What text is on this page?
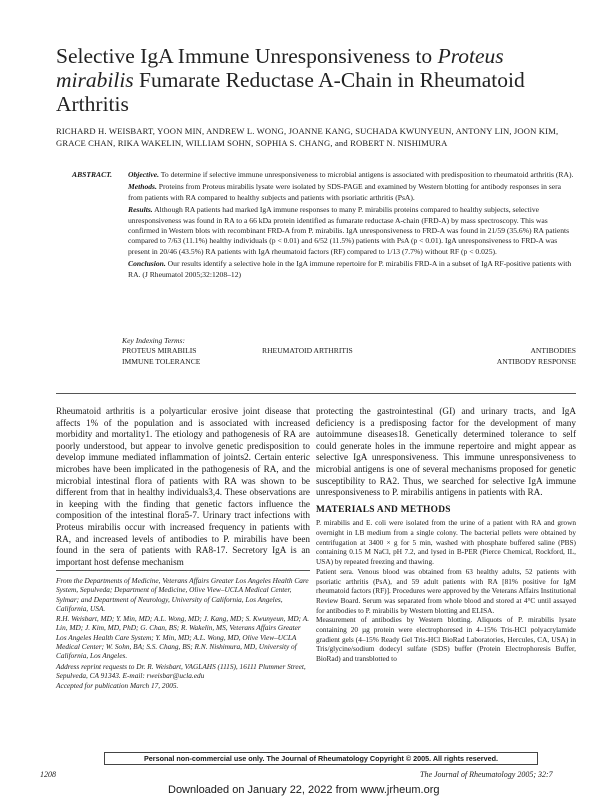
Selective IgA Immune Unresponsiveness to Proteus mirabilis Fumarate Reductase A-Chain in Rheumatoid Arthritis
RICHARD H. WEISBART, YOON MIN, ANDREW L. WONG, JOANNE KANG, SUCHADA KWUNYEUN, ANTONY LIN, JOON KIM, GRACE CHAN, RIKA WAKELIN, WILLIAM SOHN, SOPHIA S. CHANG, and ROBERT N. NISHIMURA
ABSTRACT. Objective. To determine if selective immune unresponsiveness to microbial antigens is associated with predisposition to rheumatoid arthritis (RA).

Methods. Proteins from Proteus mirabilis lysate were isolated by SDS-PAGE and examined by Western blotting for antibody responses in sera from patients with RA compared to healthy subjects and patients with psoriatic arthritis (PsA).

Results. Although RA patients had marked IgA immune responses to many P. mirabilis proteins compared to healthy subjects, selective unresponsiveness was found in RA to a 66 kDa protein identified as fumarate reductase A-chain (FRD-A) by mass spectroscopy. This was confirmed in Western blots with recombinant FRD-A from P. mirabilis. IgA unresponsiveness to FRD-A was found in 21/59 (35.6%) RA patients compared to 7/63 (11.1%) healthy individuals (p < 0.01) and 6/52 (11.5%) patients with PsA (p < 0.01). IgA unresponsiveness to FRD-A was present in 20/46 (43.5%) RA patients with IgA rheumatoid factors (RF) compared to 1/13 (7.7%) without RF (p < 0.025).

Conclusion. Our results identify a selective hole in the IgA immune repertoire for P. mirabilis FRD-A in a subset of IgA RF-positive patients with RA. (J Rheumatol 2005;32:1208–12)

Key Indexing Terms:
PROTEUS MIRABILIS	RHEUMATOID ARTHRITIS	ANTIBODIES
IMMUNE TOLERANCE	ANTIBODY RESPONSE

Rheumatoid arthritis is a polyarticular erosive joint disease that affects 1% of the population and is associated with increased morbidity and mortality1. The etiology and pathogenesis of RA are poorly understood, but appear to involve genetic predisposition to develop immune mediated inflammation of joints2. Certain enteric microbes have been implicated in the pathogenesis of RA, and the microbial intestinal flora of patients with RA was shown to be different from that in healthy individuals3,4. These observations are in keeping with the finding that genetic factors influence the composition of the intestinal flora5-7. Urinary tract infections with Proteus mirabilis occur with increased frequency in patients with RA, and increased levels of antibodies to P. mirabilis have been found in the sera of patients with RA8-17. Secretory IgA is an important host defense mechanism

From the Departments of Medicine, Veterans Affairs Greater Los Angeles Health Care System, Sepulveda; Department of Medicine, Olive View–UCLA Medical Center, Sylmar; and Department of Neurology, University of California, Los Angeles, California, USA.

R.H. Weisbart, MD; Y. Min, MD; A.L. Wong, MD; J. Kang, MD; S. Kwunyeun, MD; A. Lin, MD; J. Kim, MD, PhD; G. Chan, BS; R. Wakelin, MS, Veterans Affairs Greater Los Angeles Health Care System; Y. Min, MD; A.L. Wong, MD, Olive View–UCLA Medical Center; W. Sohn, BA; S.S. Chang, BS; R.N. Nishimura, MD, University of California, Los Angeles.

Address reprint requests to Dr. R. Weisbart, VAGLAHS (111S), 16111 Plummer Street, Sepulveda, CA 91343. E-mail: rweisbar@ucla.edu

Accepted for publication March 17, 2005.

protecting the gastrointestinal (GI) and urinary tracts, and IgA deficiency is a predisposing factor for the development of many autoimmune diseases18. Genetically determined tolerance to self could generate holes in the immune repertoire and might appear as selective IgA unresponsiveness. This immune unresponsiveness to microbial antigens is one of several mechanisms proposed for genetic susceptibility to RA2. Thus, we searched for selective IgA immune unresponsiveness to P. mirabilis antigens in patients with RA.

MATERIALS AND METHODS

P. mirabilis and E. coli were isolated from the urine of a patient with RA and grown overnight in LB medium from a single colony. The bacterial pellets were obtained by centrifugation at 3400 × g for 5 min, washed with phosphate buffered saline (PBS) containing 0.15 M NaCl, pH 7.2, and lysed in B-PER (Pierce Chemical, Rockford, IL, USA) by repeated freezing and thawing.

Patient sera. Venous blood was obtained from 63 healthy adults, 52 patients with psoriatic arthritis (PsA), and 59 adult patients with RA [81% positive for IgM rheumatoid factors (RF)]. Procedures were approved by the Veterans Affairs Institutional Review Board. Serum was separated from whole blood and stored at 4°C until assayed for antibodies to P. mirabilis by Western blotting and ELISA.

Measurement of antibodies by Western blotting. Aliquots of P. mirabilis lysate containing 20 µg protein were electrophoresed in 4–15% Tris-HCl polyacrylamide gradient gels (4–15% Ready Gel Tris-HCl BioRad Laboratories, Hercules, CA, USA) in Tris/glycine/sodium dodecyl sulfate (SDS) buffer (Protein Electrophoresis Buffer, BioRad) and transblotted to

Personal non-commercial use only. The Journal of Rheumatology Copyright © 2005. All rights reserved.
1208	The Journal of Rheumatology 2005; 32:7
Downloaded on January 22, 2022 from www.jrheum.org
